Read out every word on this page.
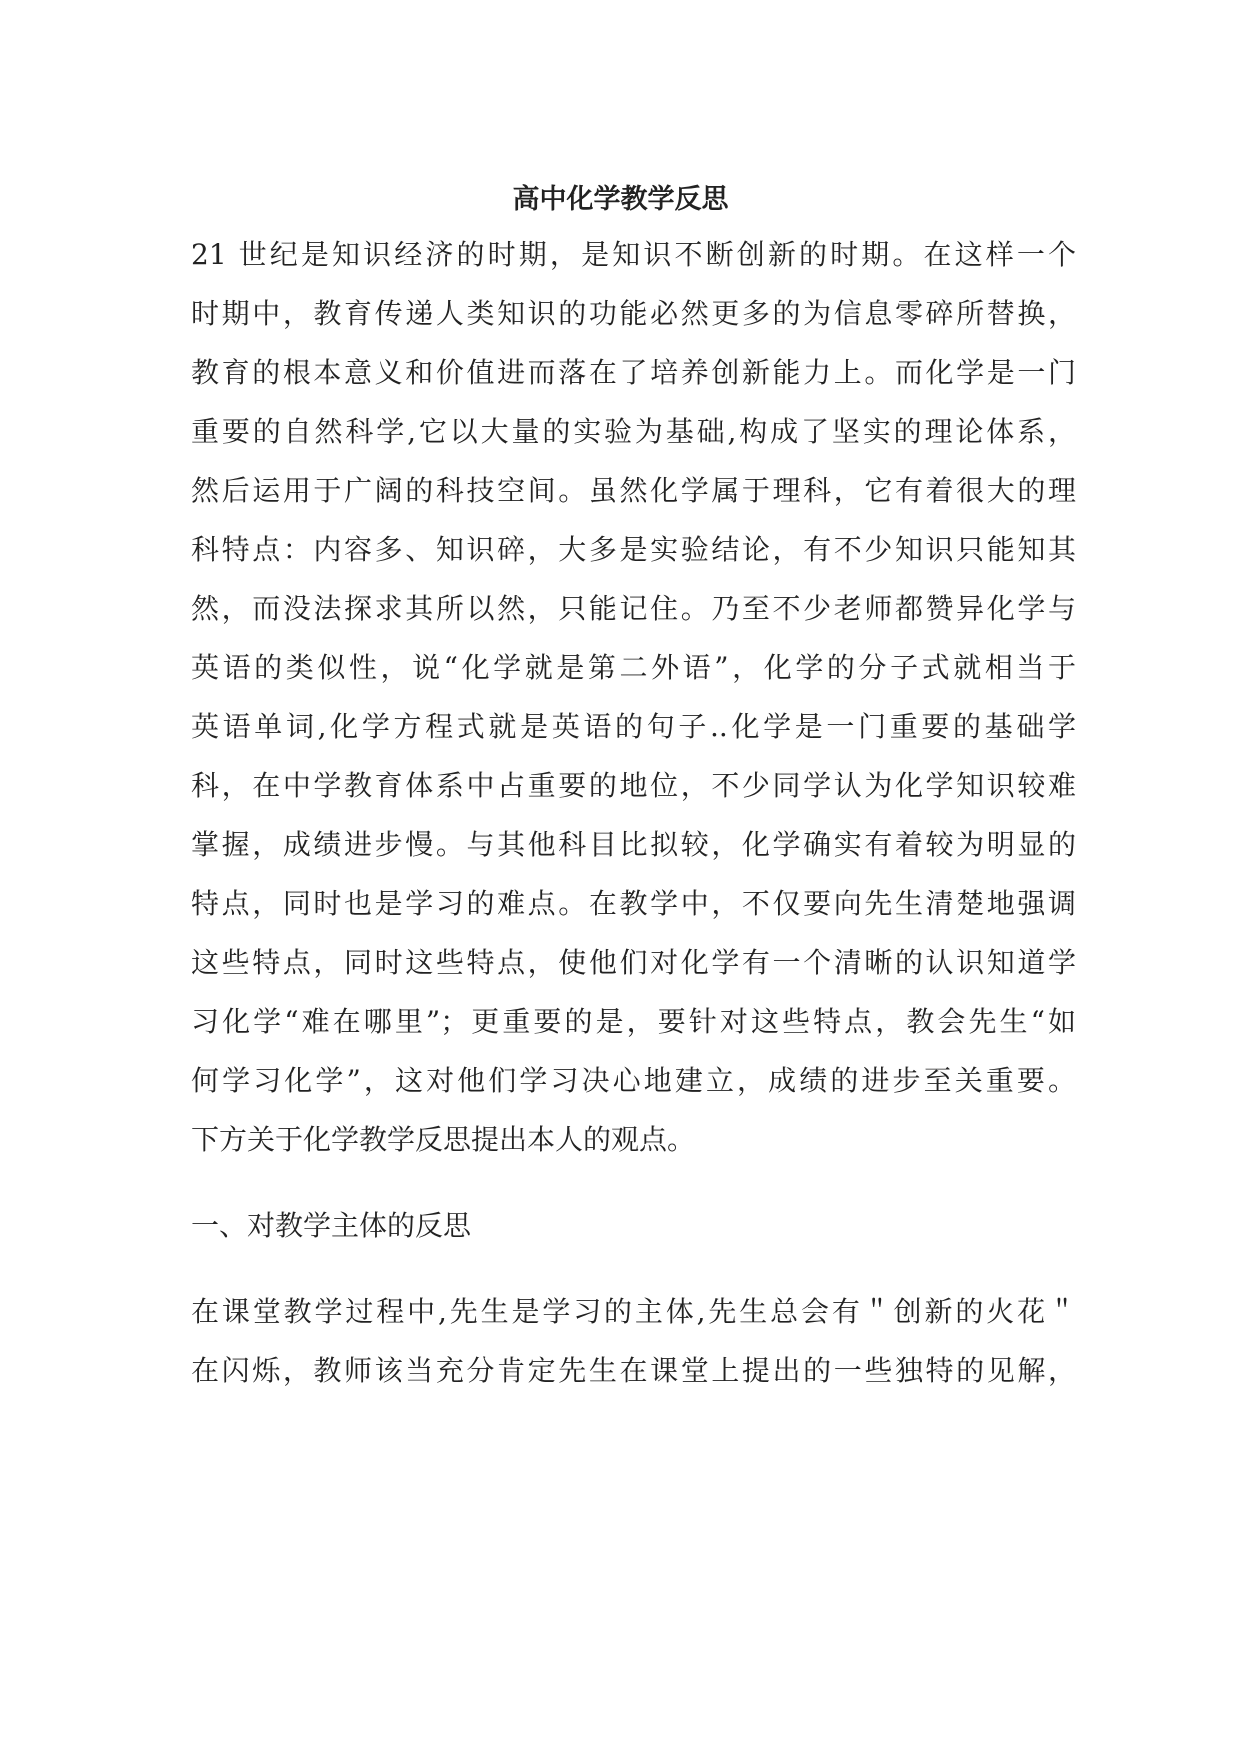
高中化学教学反思
21 世纪是知识经济的时期，是知识不断创新的时期。在这样一个
时期中，教育传递人类知识的功能必然更多的为信息零碎所替换，
教育的根本意义和价值进而落在了培养创新能力上。而化学是一门
重要的自然科学,它以大量的实验为基础,构成了坚实的理论体系，
然后运用于广阔的科技空间。虽然化学属于理科，它有着很大的理
科特点：内容多、知识碎，大多是实验结论，有不少知识只能知其
然，而没法探求其所以然，只能记住。乃至不少老师都赞异化学与
英语的类似性，说“化学就是第二外语”，化学的分子式就相当于
英语单词,化学方程式就是英语的句子..化学是一门重要的基础学
科，在中学教育体系中占重要的地位，不少同学认为化学知识较难
掌握，成绩进步慢。与其他科目比拟较，化学确实有着较为明显的
特点，同时也是学习的难点。在教学中，不仅要向先生清楚地强调
这些特点，同时这些特点，使他们对化学有一个清晰的认识知道学
习化学“难在哪里”；更重要的是，要针对这些特点，教会先生“如
何学习化学”，这对他们学习决心地建立，成绩的进步至关重要。
下方关于化学教学反思提出本人的观点。
一、对教学主体的反思
在课堂教学过程中,先生是学习的主体,先生总会有＂创新的火花＂
在闪烁，教师该当充分肯定先生在课堂上提出的一些独特的见解，
